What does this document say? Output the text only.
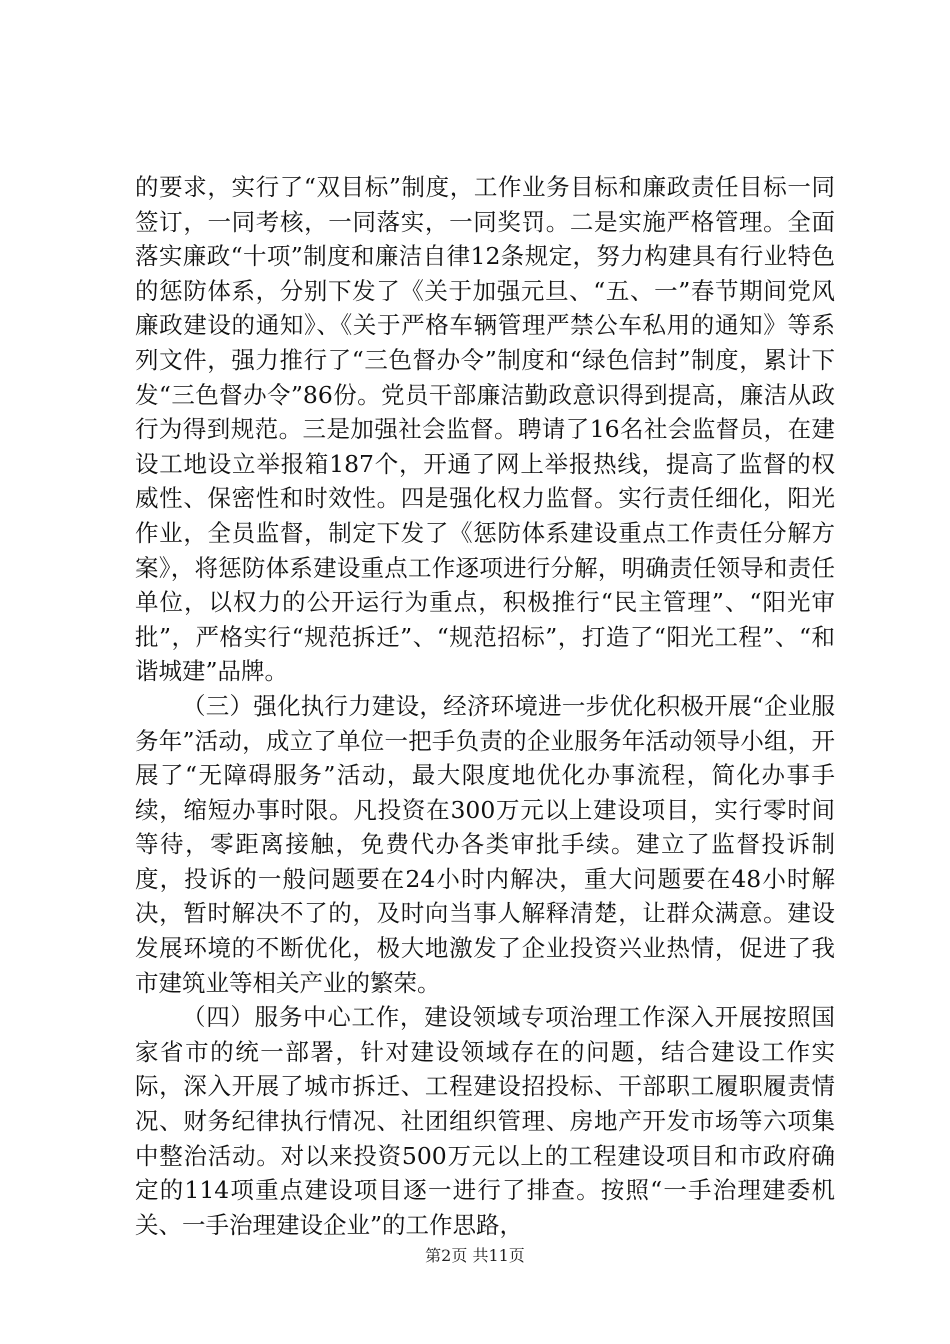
的要求，实行了“双目标”制度，工作业务目标和廉政责任目标一同签订，一同考核，一同落实，一同奖罚。二是实施严格管理。全面落实廉政“十项”制度和廉洁自律12条规定，努力构建具有行业特色的惩防体系，分别下发了《关于加强元旦、“五、一”春节期间党风廉政建设的通知》、《关于严格车辆管理严禁公车私用的通知》等系列文件，强力推行了“三色督办令”制度和“绿色信封”制度，累计下发“三色督办令”86份。党员干部廉洁勤政意识得到提高，廉洁从政行为得到规范。三是加强社会监督。聘请了16名社会监督员，在建设工地设立举报箱187个，开通了网上举报热线，提高了监督的权威性、保密性和时效性。四是强化权力监督。实行责任细化，阳光作业，全员监督，制定下发了《惩防体系建设重点工作责任分解方案》，将惩防体系建设重点工作逐项进行分解，明确责任领导和责任单位，以权力的公开运行为重点，积极推行“民主管理”、“阳光审批”，严格实行“规范拆迁”、“规范招标”，打造了“阳光工程”、“和谐城建”品牌。

（三）强化执行力建设，经济环境进一步优化积极开展“企业服务年”活动，成立了单位一把手负责的企业服务年活动领导小组，开展了“无障碍服务”活动，最大限度地优化办事流程，简化办事手续，缩短办事时限。凡投资在300万元以上建设项目，实行零时间等待，零距离接触，免费代办各类审批手续。建立了监督投诉制度，投诉的一般问题要在24小时内解决，重大问题要在48小时解决，暂时解决不了的，及时向当事人解释清楚，让群众满意。建设发展环境的不断优化，极大地激发了企业投资兴业热情，促进了我市建筑业等相关产业的繁荣。

（四）服务中心工作，建设领域专项治理工作深入开展按照国家省市的统一部署，针对建设领域存在的问题，结合建设工作实际，深入开展了城市拆迁、工程建设招投标、干部职工履职履责情况、财务纪律执行情况、社团组织管理、房地产开发市场等六项集中整治活动。对以来投资500万元以上的工程建设项目和市政府确定的114项重点建设项目逐一进行了排查。按照“一手治理建委机关、一手治理建设企业”的工作思路，

第2页 共11页
